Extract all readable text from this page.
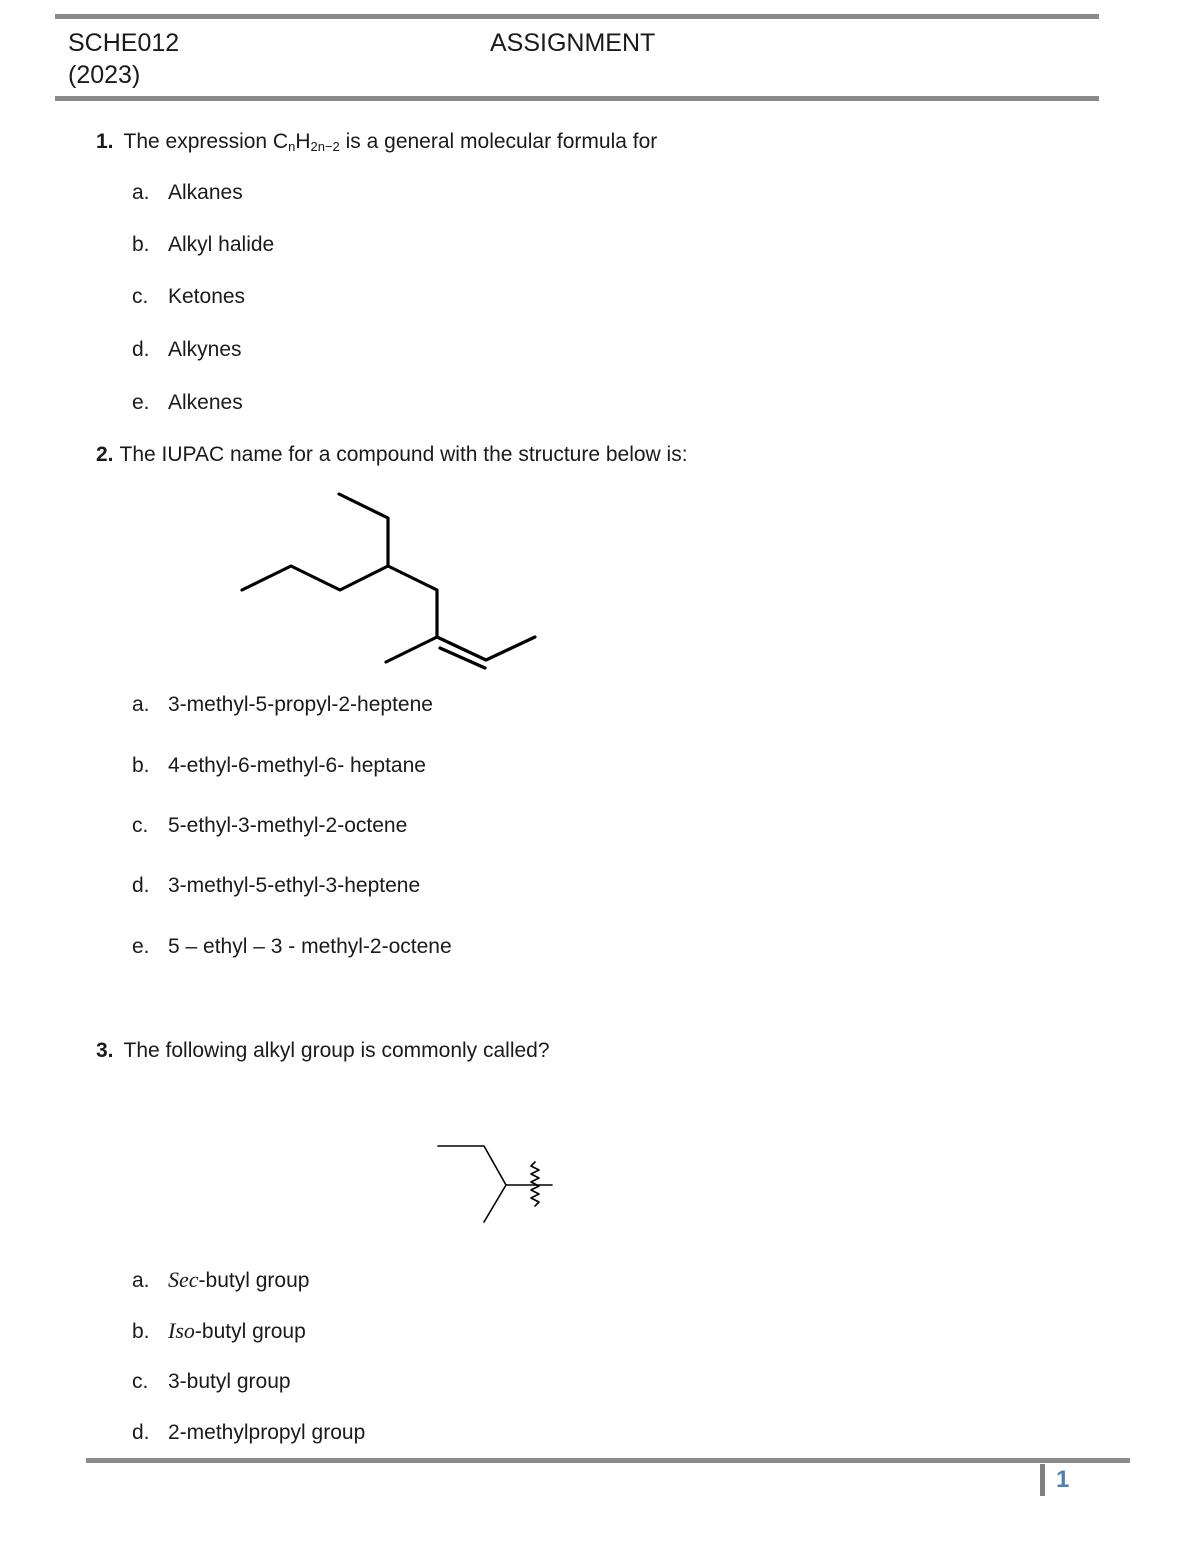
SCHE012
(2023)
ASSIGNMENT
1. The expression $C_nH_{2n-2}$ is a general molecular formula for
a. Alkanes
b. Alkyl halide
c. Ketones
d. Alkynes
e. Alkenes
2. The IUPAC name for a compound with the structure below is:
a. 3-methyl-5-propyl-2-heptene
b. 4-ethyl-6-methyl-6- heptane
c. 5-ethyl-3-methyl-2-octene
d. 3-methyl-5-ethyl-3-heptene
e. 5 – ethyl – 3 - methyl-2-octene
3. The following alkyl group is commonly called?
a. Sec-butyl group
b. Iso-butyl group
c. 3-butyl group
d. 2-methylpropyl group
1
